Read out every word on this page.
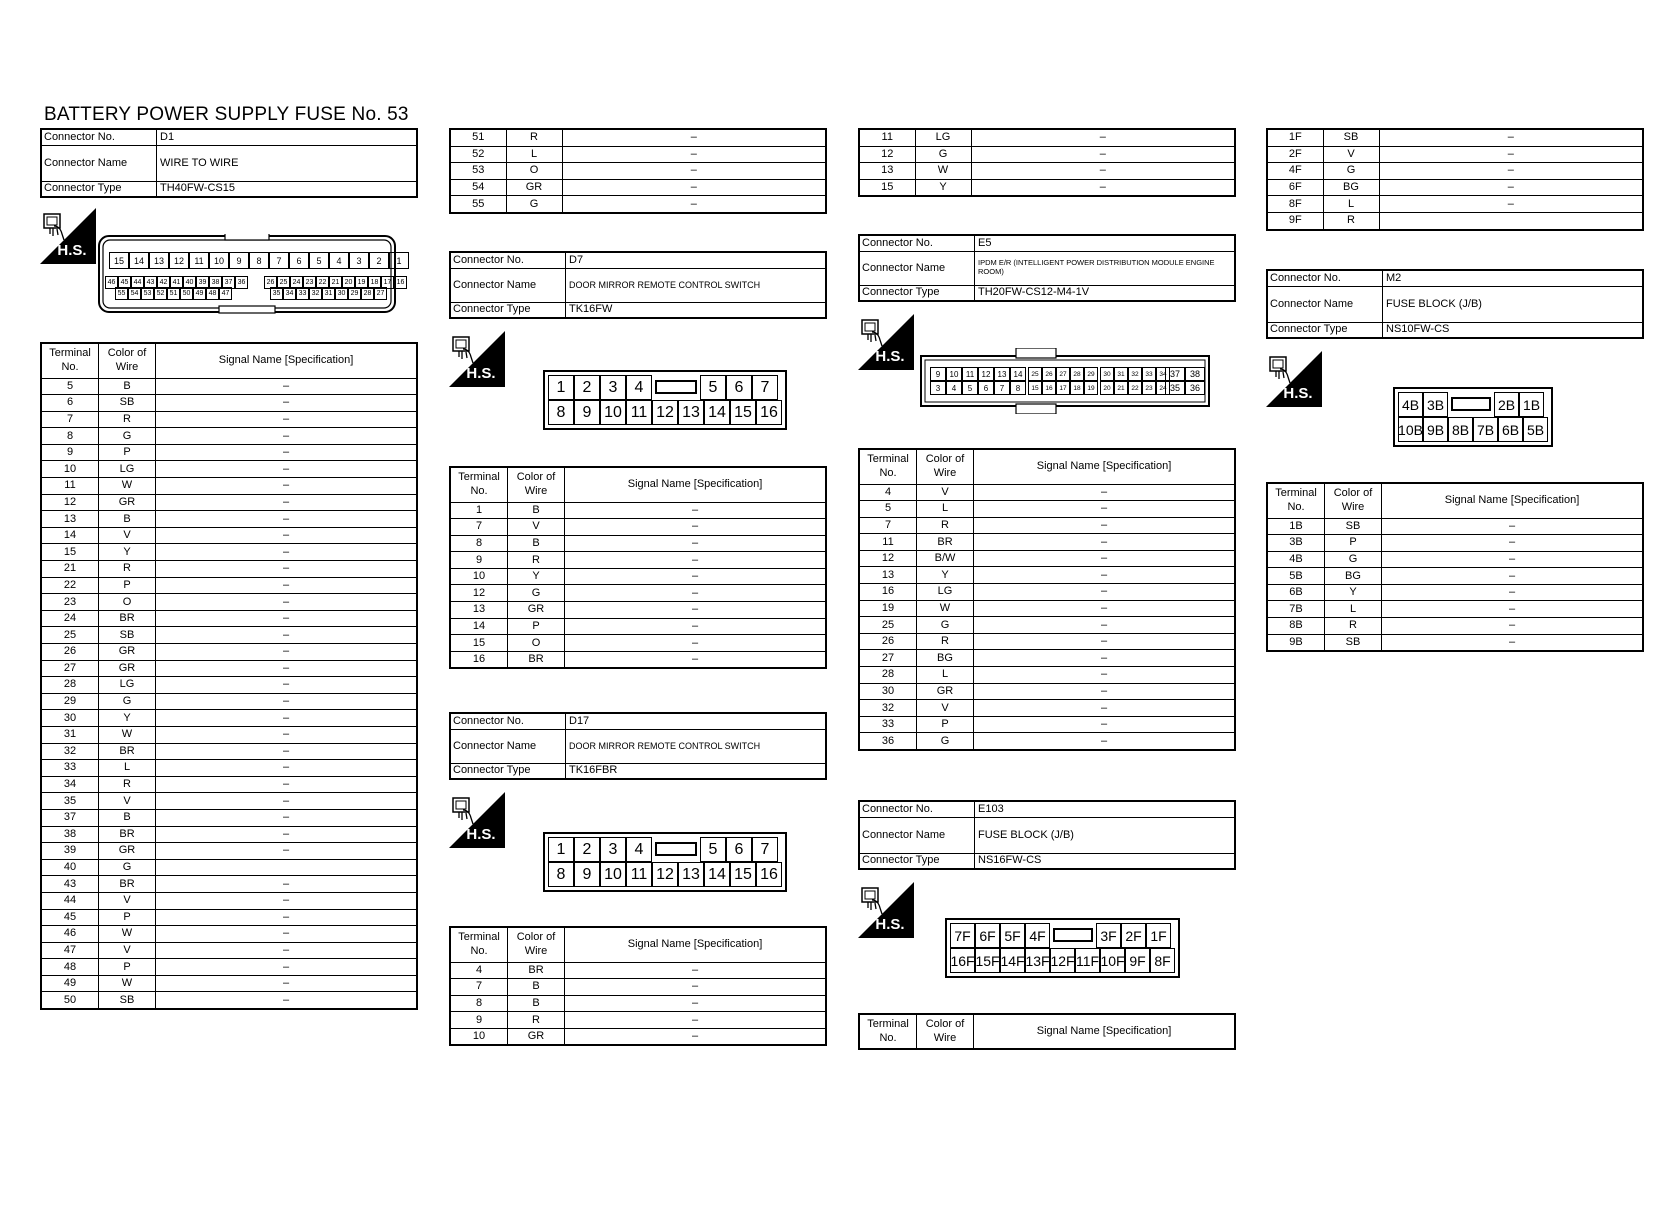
BATTERY POWER SUPPLY FUSE No. 53
Connector No.	D1
Connector Name	WIRE TO WIRE
Connector Type	TH40FW-CS15
H.S.
15	14	13	12	11	10	9	8	7	6	5	4	3	2	1
46 45 44 43 42 41 40 39 38 37 36	26 25 24 23 22 21 20 19 18 17 16
55 54 53 52 51 50 49 48 47	35 34 33 32 31 30 29 28 27
Terminal No.	Color of Wire	Signal Name [Specification]
5	B	–
6	SB	–
7	R	–
8	G	–
9	P	–
10	LG	–
11	W	–
12	GR	–
13	B	–
14	V	–
15	Y	–
21	R	–
22	P	–
23	O	–
24	BR	–
25	SB	–
26	GR	–
27	GR	–
28	LG	–
29	G	–
30	Y	–
31	W	–
32	BR	–
33	L	–
34	R	–
35	V	–
37	B	–
38	BR	–
39	GR	–
40	G	
43	BR	–
44	V	–
45	P	–
46	W	–
47	V	–
48	P	–
49	W	–
50	SB	–
51	R	–
52	L	–
53	O	–
54	GR	–
55	G	–
Connector No.	D7
Connector Name	DOOR MIRROR REMOTE CONTROL SWITCH
Connector Type	TK16FW
H.S.
1	2	3	4	5	6	7
8	9 10 11 12 13 14 15 16
Terminal No.	Color of Wire	Signal Name [Specification]
1	B	–
7	V	–
8	B	–
9	R	–
10	Y	–
12	G	–
13	GR	–
14	P	–
15	O	–
16	BR	–
Connector No.	D17
Connector Name	DOOR MIRROR REMOTE CONTROL SWITCH
Connector Type	TK16FBR
H.S.
1	2	3	4	5	6	7
8	9 10 11 12 13 14 15 16
Terminal No.	Color of Wire	Signal Name [Specification]
4	BR	–
7	B	–
8	B	–
9	R	–
10	GR	–
11	LG	–
12	G	–
13	W	–
15	Y	–
Connector No.	E5
Connector Name	IPDM E/R (INTELLIGENT POWER DISTRIBUTION MODULE ENGINE ROOM)
Connector Type	TH20FW-CS12-M4-1V
H.S.
9	10 11 12 13 14
3	4	5	6	7	8
25	26	27	28	29
15	16	17	18	19
30	31	32	33	34
20	21	22	23	24
37	38
35	36
Terminal No.	Color of Wire	Signal Name [Specification]
4	V	–
5	L	–
7	R	–
11	BR	–
12	B/W	–
13	Y	–
16	LG	–
19	W	–
25	G	–
26	R	–
27	BG	–
28	L	–
30	GR	–
32	V	–
33	P	–
36	G	–
Connector No.	E103
Connector Name	FUSE BLOCK (J/B)
Connector Type	NS16FW-CS
H.S.
7F 6F 5F 4F	3F 2F 1F
16F 15F 14F 13F 12F 11F 10F 9F 8F
Terminal No.	Color of Wire	Signal Name [Specification]
1F	SB	–
2F	V	–
4F	G	–
6F	BG	–
8F	L	–
9F	R	
Connector No.	M2
Connector Name	FUSE BLOCK (J/B)
Connector Type	NS10FW-CS
H.S.
4B 3B	2B 1B
10B 9B 8B 7B 6B 5B
Terminal No.	Color of Wire	Signal Name [Specification]
1B	SB	–
3B	P	–
4B	G	–
5B	BG	–
6B	Y	–
7B	L	–
8B	R	–
9B	SB	–
